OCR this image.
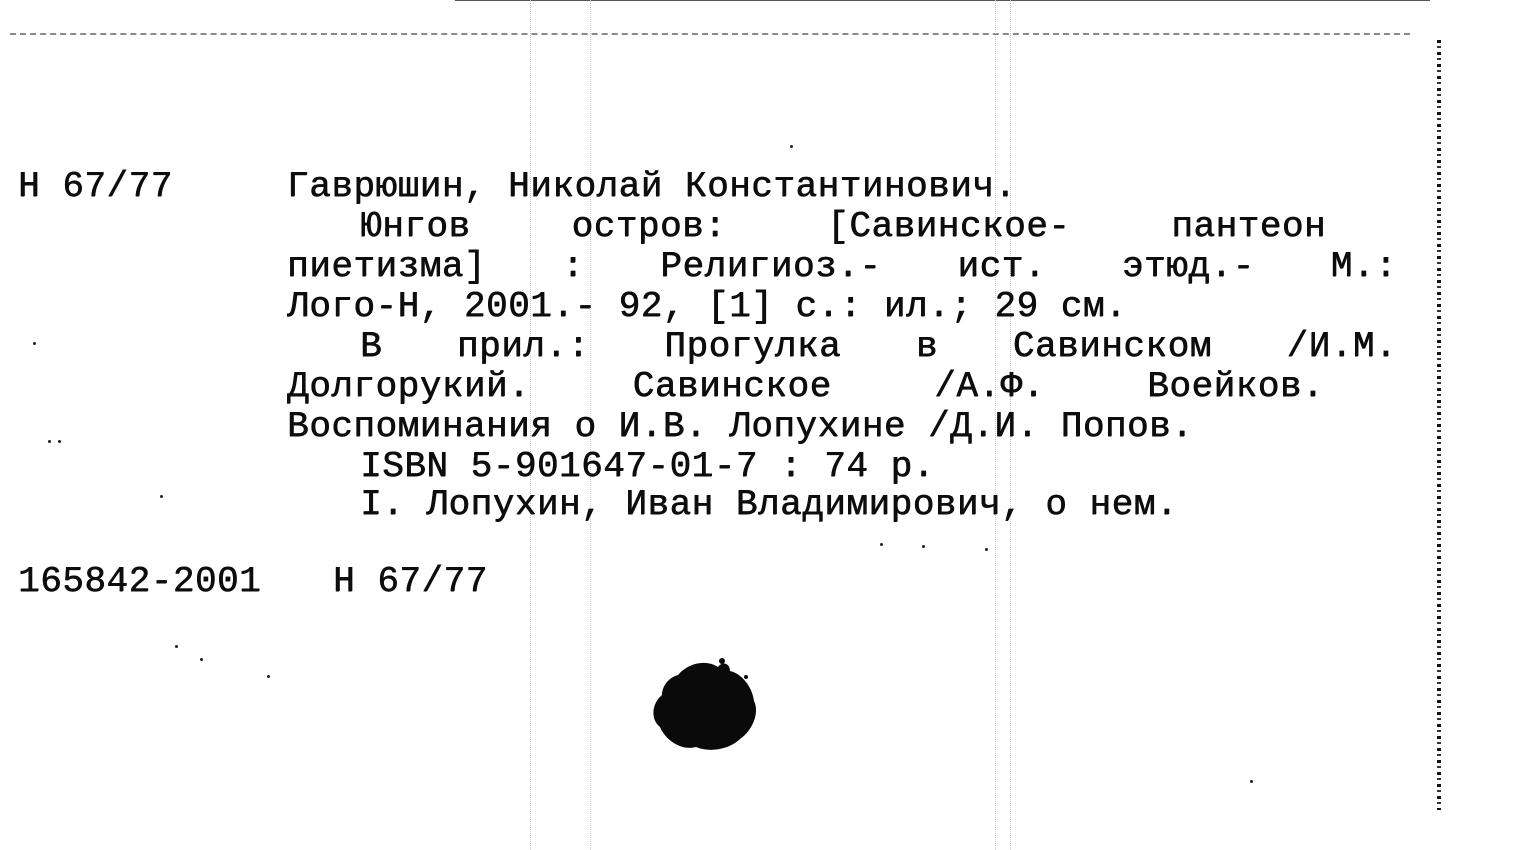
Н 67/77	Гаврюшин, Николай Константинович.
Юнгов остров: [Савинское- пантеон
пиетизма] : Религиоз.- ист. этюд.- М.:
Лого-Н, 2001.- 92, [1] с.: ил.; 29 см.
В прил.: Прогулка в Савинском /И.М.
Долгорукий. Савинское /А.Ф. Воейков.
Воспоминания о И.В. Лопухине /Д.И. Попов.
ISBN 5-901647-01-7 : 74 р.
I. Лопухин, Иван Владимирович, о нем.
165842-2001 Н 67/77
